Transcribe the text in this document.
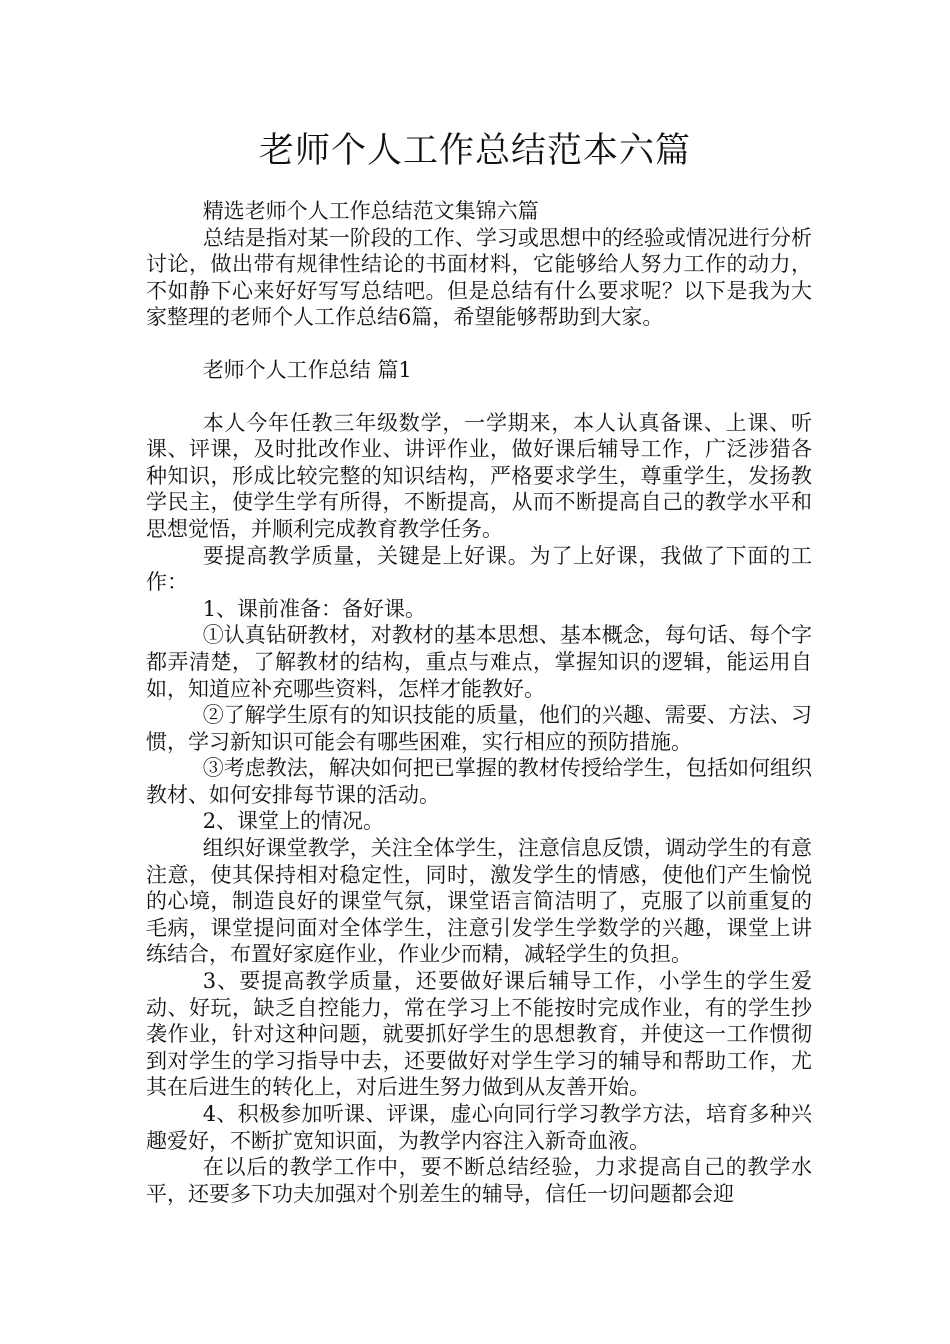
老师个人工作总结范本六篇

精选老师个人工作总结范文集锦六篇

总结是指对某一阶段的工作、学习或思想中的经验或情况进行分析讨论，做出带有规律性结论的书面材料，它能够给人努力工作的动力，不如静下心来好好写写总结吧。但是总结有什么要求呢？以下是我为大家整理的老师个人工作总结6篇，希望能够帮助到大家。

老师个人工作总结 篇1

本人今年任教三年级数学，一学期来，本人认真备课、上课、听课、评课，及时批改作业、讲评作业，做好课后辅导工作，广泛涉猎各种知识，形成比较完整的知识结构，严格要求学生，尊重学生，发扬教学民主，使学生学有所得，不断提高，从而不断提高自己的教学水平和思想觉悟，并顺利完成教育教学任务。

要提高教学质量，关键是上好课。为了上好课，我做了下面的工作：

1、课前准备：备好课。

①认真钻研教材，对教材的基本思想、基本概念，每句话、每个字都弄清楚，了解教材的结构，重点与难点，掌握知识的逻辑，能运用自如，知道应补充哪些资料，怎样才能教好。

②了解学生原有的知识技能的质量，他们的兴趣、需要、方法、习惯，学习新知识可能会有哪些困难，实行相应的预防措施。

③考虑教法，解决如何把已掌握的教材传授给学生，包括如何组织教材、如何安排每节课的活动。

2、课堂上的情况。

组织好课堂教学，关注全体学生，注意信息反馈，调动学生的有意注意，使其保持相对稳定性，同时，激发学生的情感，使他们产生愉悦的心境，制造良好的课堂气氛，课堂语言简洁明了，克服了以前重复的毛病，课堂提问面对全体学生，注意引发学生学数学的兴趣，课堂上讲练结合，布置好家庭作业，作业少而精，减轻学生的负担。

3、要提高教学质量，还要做好课后辅导工作，小学生的学生爱动、好玩，缺乏自控能力，常在学习上不能按时完成作业，有的学生抄袭作业，针对这种问题，就要抓好学生的思想教育，并使这一工作惯彻到对学生的学习指导中去，还要做好对学生学习的辅导和帮助工作，尤其在后进生的转化上，对后进生努力做到从友善开始。

4、积极参加听课、评课，虚心向同行学习教学方法，培育多种兴趣爱好，不断扩宽知识面，为教学内容注入新奇血液。

在以后的教学工作中，要不断总结经验，力求提高自己的教学水平，还要多下功夫加强对个别差生的辅导，信任一切问题都会迎
